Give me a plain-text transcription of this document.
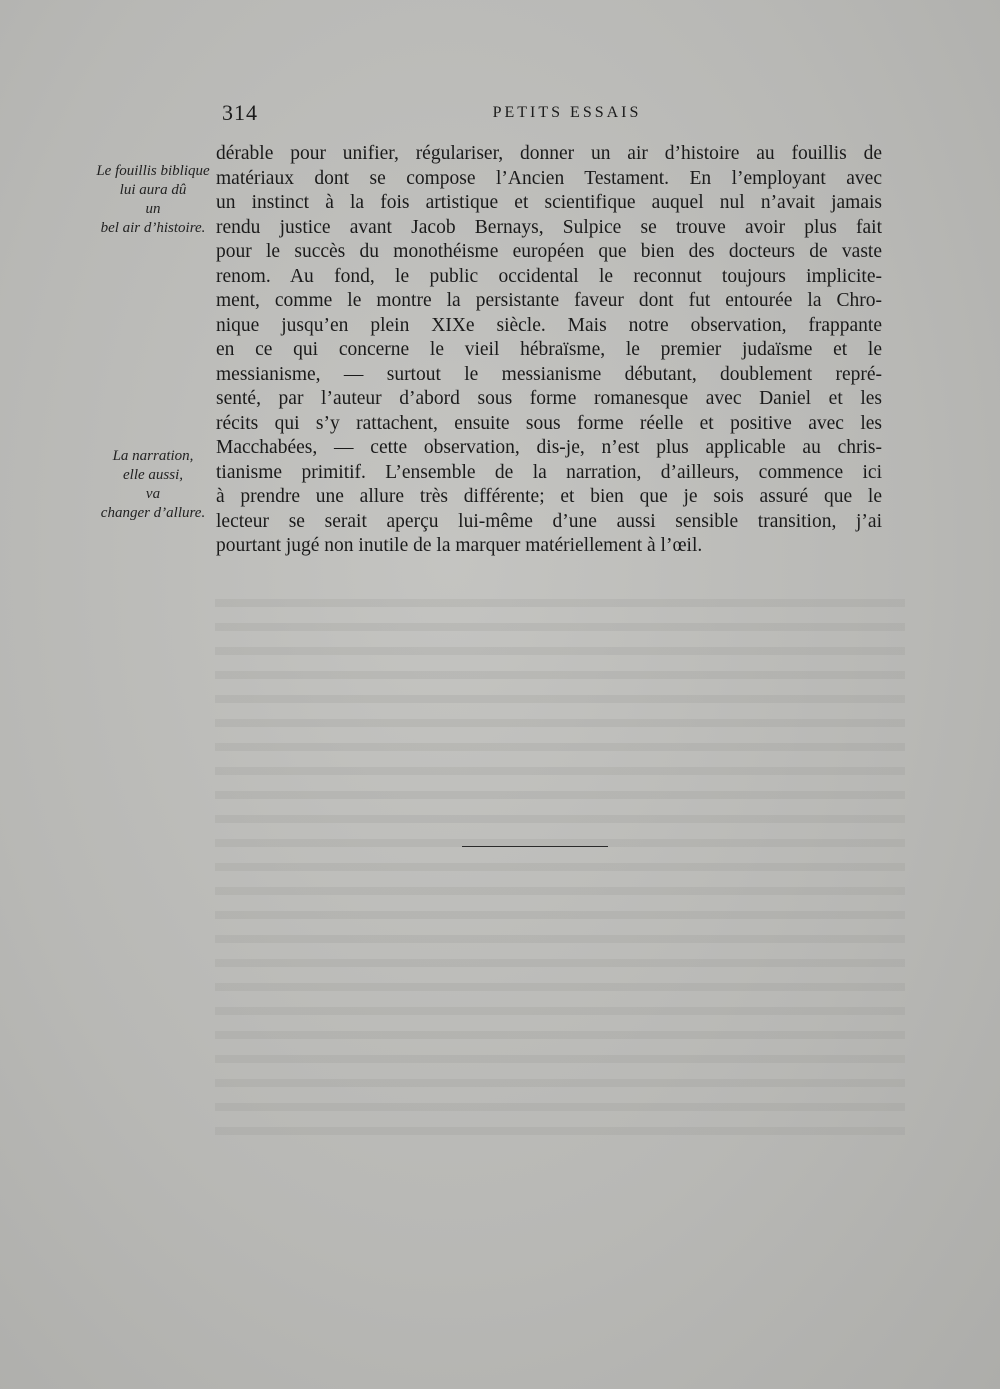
314	PETITS ESSAIS
Le fouillis biblique
lui aura dû
un
bel air d’histoire.
La narration,
elle aussi,
va
changer d’allure.
dérable pour unifier, régulariser, donner un air d’histoire au fouillis de
matériaux dont se compose l’Ancien Testament. En l’employant avec
un instinct à la fois artistique et scientifique auquel nul n’avait jamais
rendu justice avant Jacob Bernays, Sulpice se trouve avoir plus fait
pour le succès du monothéisme européen que bien des docteurs de vaste
renom. Au fond, le public occidental le reconnut toujours implicite-
ment, comme le montre la persistante faveur dont fut entourée la Chro-
nique jusqu’en plein XIXe siècle. Mais notre observation, frappante
en ce qui concerne le vieil hébraïsme, le premier judaïsme et le
messianisme, — surtout le messianisme débutant, doublement repré-
senté, par l’auteur d’abord sous forme romanesque avec Daniel et les
récits qui s’y rattachent, ensuite sous forme réelle et positive avec les
Macchabées, — cette observation, dis-je, n’est plus applicable au chris-
tianisme primitif. L’ensemble de la narration, d’ailleurs, commence ici
à prendre une allure très différente; et bien que je sois assuré que le
lecteur se serait aperçu lui-même d’une aussi sensible transition, j’ai
pourtant jugé non inutile de la marquer matériellement à l’œil.
